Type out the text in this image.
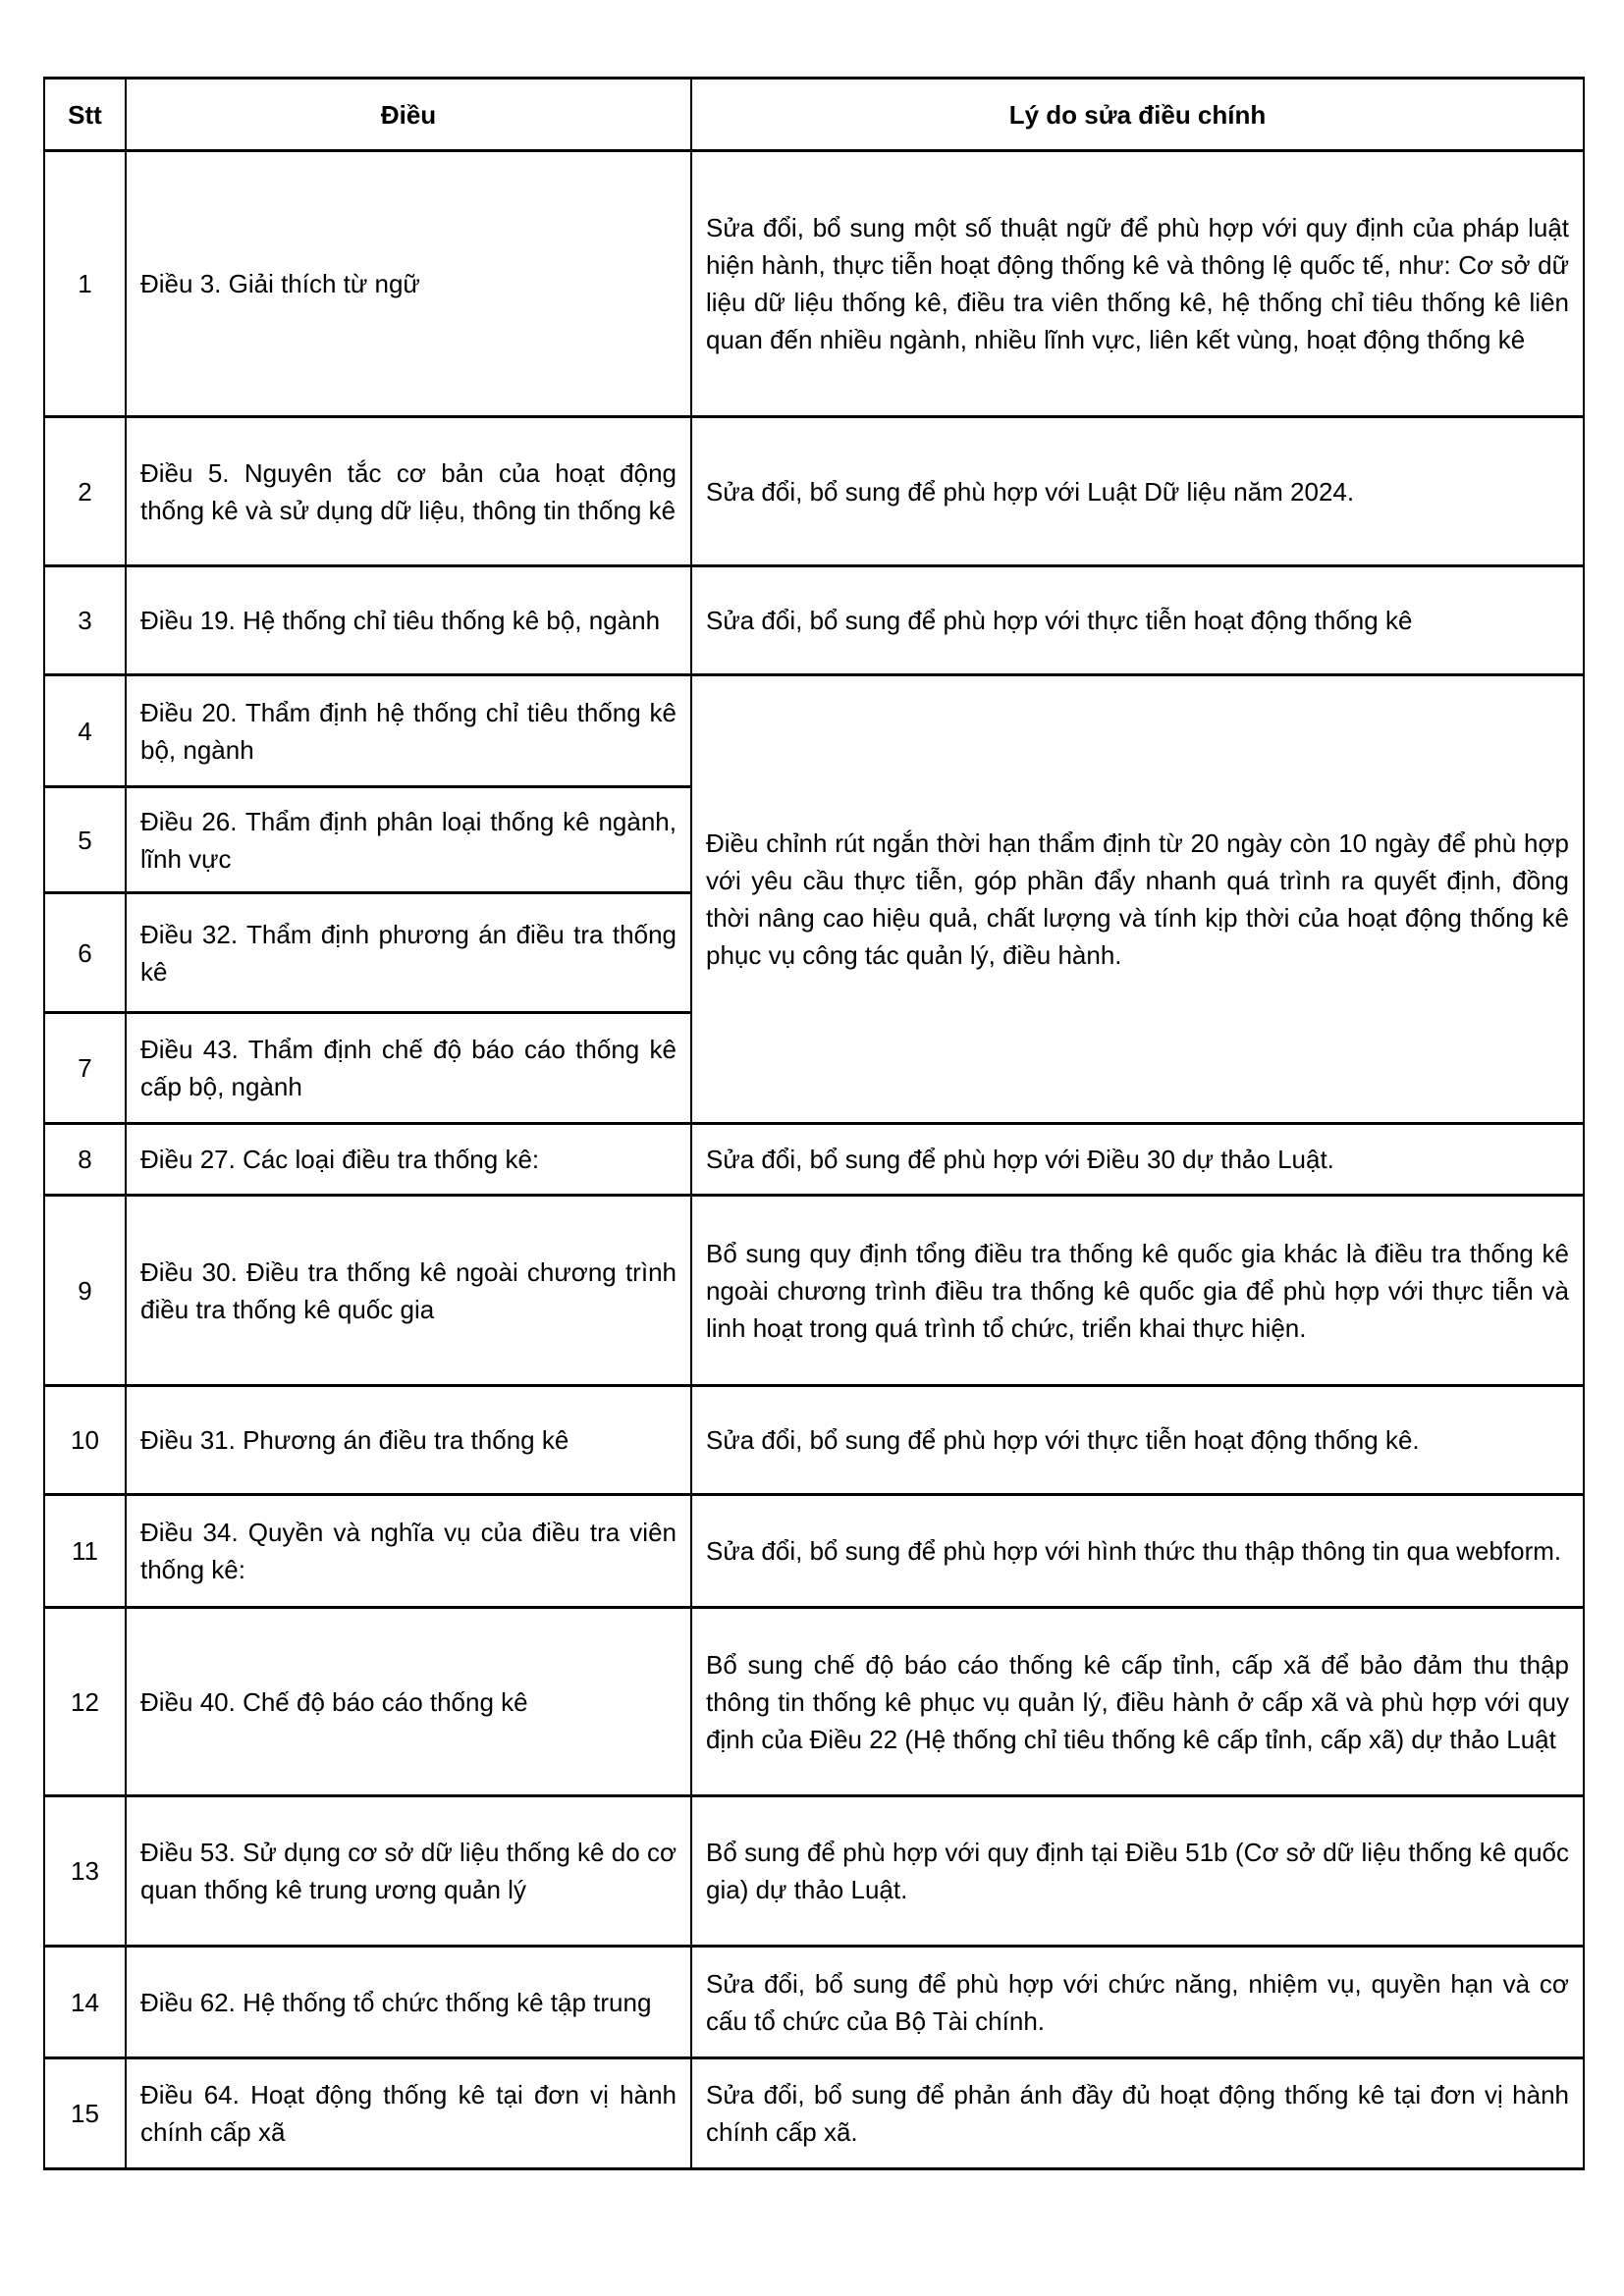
Stt	Điều	Lý do sửa điều chính
1	Điều 3. Giải thích từ ngữ	Sửa đổi, bổ sung một số thuật ngữ để phù hợp với quy định của pháp luật hiện hành, thực tiễn hoạt động thống kê và thông lệ quốc tế, như: Cơ sở dữ liệu dữ liệu thống kê, điều tra viên thống kê, hệ thống chỉ tiêu thống kê liên quan đến nhiều ngành, nhiều lĩnh vực, liên kết vùng, hoạt động thống kê
2	Điều 5. Nguyên tắc cơ bản của hoạt động thống kê và sử dụng dữ liệu, thông tin thống kê	Sửa đổi, bổ sung để phù hợp với Luật Dữ liệu năm 2024.
3	Điều 19. Hệ thống chỉ tiêu thống kê bộ, ngành	Sửa đổi, bổ sung để phù hợp với thực tiễn hoạt động thống kê
4	Điều 20. Thẩm định hệ thống chỉ tiêu thống kê bộ, ngành	Điều chỉnh rút ngắn thời hạn thẩm định từ 20 ngày còn 10 ngày để phù hợp với yêu cầu thực tiễn, góp phần đẩy nhanh quá trình ra quyết định, đồng thời nâng cao hiệu quả, chất lượng và tính kịp thời của hoạt động thống kê phục vụ công tác quản lý, điều hành.
5	Điều 26. Thẩm định phân loại thống kê ngành, lĩnh vực	
6	Điều 32. Thẩm định phương án điều tra thống kê	
7	Điều 43. Thẩm định chế độ báo cáo thống kê cấp bộ, ngành	
8	Điều 27. Các loại điều tra thống kê:	Sửa đổi, bổ sung để phù hợp với Điều 30 dự thảo Luật.
9	Điều 30. Điều tra thống kê ngoài chương trình điều tra thống kê quốc gia	Bổ sung quy định tổng điều tra thống kê quốc gia khác là điều tra thống kê ngoài chương trình điều tra thống kê quốc gia để phù hợp với thực tiễn và linh hoạt trong quá trình tổ chức, triển khai thực hiện.
10	Điều 31. Phương án điều tra thống kê	Sửa đổi, bổ sung để phù hợp với thực tiễn hoạt động thống kê.
11	Điều 34. Quyền và nghĩa vụ của điều tra viên thống kê:	Sửa đổi, bổ sung để phù hợp với hình thức thu thập thông tin qua webform.
12	Điều 40. Chế độ báo cáo thống kê	Bổ sung chế độ báo cáo thống kê cấp tỉnh, cấp xã để bảo đảm thu thập thông tin thống kê phục vụ quản lý, điều hành ở cấp xã và phù hợp với quy định của Điều 22 (Hệ thống chỉ tiêu thống kê cấp tỉnh, cấp xã) dự thảo Luật
13	Điều 53. Sử dụng cơ sở dữ liệu thống kê do cơ quan thống kê trung ương quản lý	Bổ sung để phù hợp với quy định tại Điều 51b (Cơ sở dữ liệu thống kê quốc gia) dự thảo Luật.
14	Điều 62. Hệ thống tổ chức thống kê tập trung	Sửa đổi, bổ sung để phù hợp với chức năng, nhiệm vụ, quyền hạn và cơ cấu tổ chức của Bộ Tài chính.
15	Điều 64. Hoạt động thống kê tại đơn vị hành chính cấp xã	Sửa đổi, bổ sung để phản ánh đầy đủ hoạt động thống kê tại đơn vị hành chính cấp xã.
